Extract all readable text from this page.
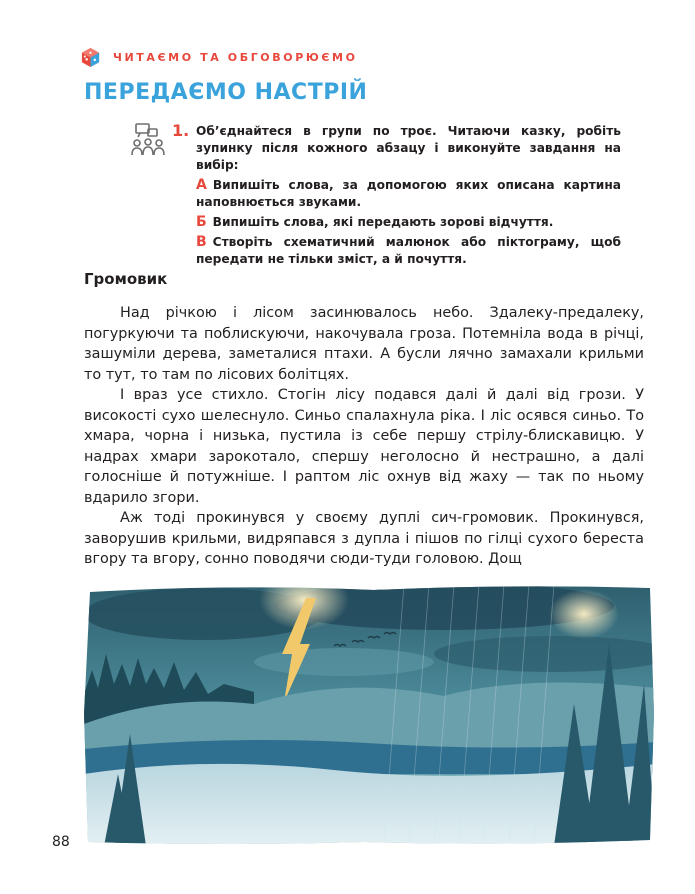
ЧИТАЄМО ТА ОБГОВОРЮЄМО
ПЕРЕДАЄМО НАСТРІЙ
1. Об’єднайтеся в групи по троє. Читаючи казку, робіть зупинку після кожного абзацу і виконуйте завдання на вибір:

А Випишіть слова, за допомогою яких описана картина наповнюється звуками.

Б Випишіть слова, які передають зорові відчуття.

В Створіть схематичний малюнок або піктограму, щоб передати не тільки зміст, а й почуття.

Громовик

Над річкою і лісом засинювалось небо. Здалеку-предалеку, погуркуючи та поблискуючи, накочувала гроза. Потемніла вода в річці, зашуміли дерева, заметалися птахи. А бусли лячно замахали крильми то тут, то там по лісових болітцях.

І враз усе стихло. Стогін лісу подався далі й далі від грози. У високості сухо шелеснуло. Синьо спалахнула ріка. І ліс осявся синьо. То хмара, чорна і низька, пустила із себе першу стрілу-блискавицю. У надрах хмари зарокотало, спершу неголосно й нестрашно, а далі голосніше й потужніше. І раптом ліс охнув від жаху — так по ньому вдарило згори.

Аж тоді прокинувся у своєму дуплі сич-громовик. Прокинувся, заворушив крильми, видряпався з дупла і пішов по гілці сухого береста вгору та вгору, сонно поводячи сюди-туди головою. Дощ

88
